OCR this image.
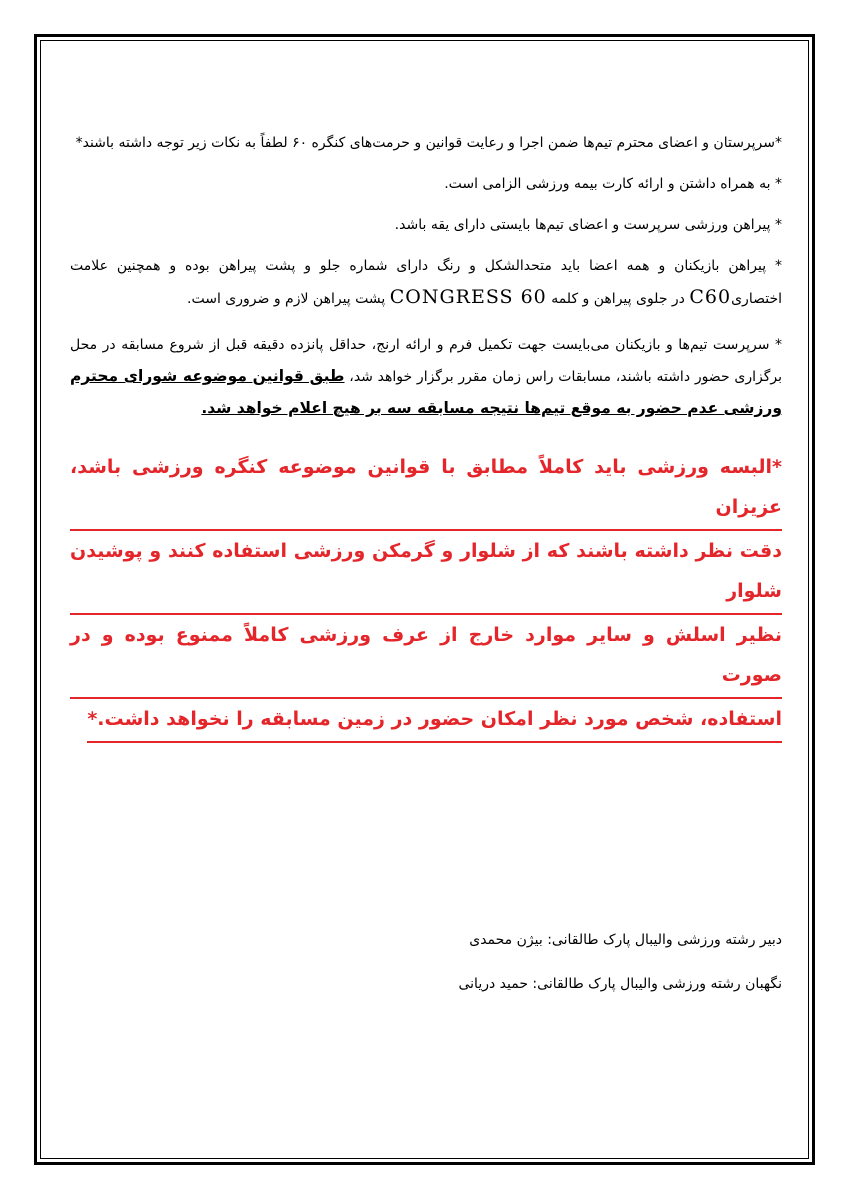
*سرپرستان و اعضای محترم تیم‌ها ضمن اجرا و رعایت قوانین و حرمت‌های کنگره ۶۰ لطفاً به نکات زیر توجه داشته باشند*

* به همراه داشتن و ارائه کارت بیمه ورزشی الزامی است.

* پیراهن ورزشی سرپرست و اعضای تیم‌ها بایستی دارای یقه باشد.

* پیراهن بازیکنان و همه اعضا باید متحدالشکل و رنگ دارای شماره جلو و پشت پیراهن بوده و همچنین علامت اختصاریC60 در جلوی پیراهن و کلمه CONGRESS 60 پشت پیراهن لازم و ضروری است.

* سرپرست تیم‌ها و بازیکنان می‌بایست جهت تکمیل فرم و ارائه ارنج، حداقل پانزده دقیقه قبل از شروع مسابقه در محل برگزاری حضور داشته باشند، مسابقات راس زمان مقرر برگزار خواهد شد، طبق قوانین موضوعه شورای محترم ورزشی عدم حضور به موقع تیم‌ها نتیجه مسابقه سه بر هیچ اعلام خواهد شد.

*البسه ورزشی باید کاملاً مطابق با قوانین موضوعه کنگره ورزشی باشد، عزیزان
دقت نظر داشته باشند که از شلوار و گرمکن ورزشی استفاده کنند و پوشیدن شلوار
نظیر اسلش و سایر موارد خارج از عرف ورزشی کاملاً ممنوع بوده و در صورت
استفاده، شخص مورد نظر امکان حضور در زمین مسابقه را نخواهد داشت.*
دبیر رشته ورزشی والیبال پارک طالقانی: بیژن محمدی
نگهبان رشته ورزشی والیبال پارک طالقانی: حمید دریانی
